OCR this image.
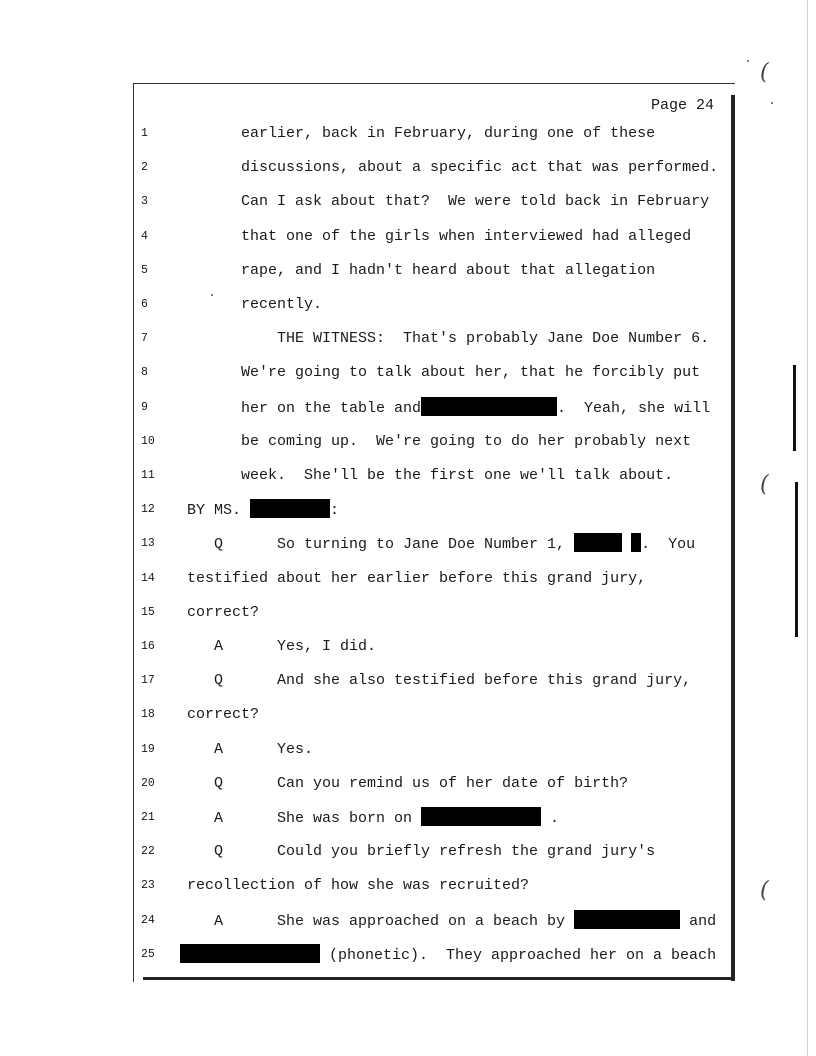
(
(
(
Page 24
1	earlier, back in February, during one of these
2	discussions, about a specific act that was performed.
3	Can I ask about that?  We were told back in February
4	that one of the girls when interviewed had alleged
5	rape, and I hadn't heard about that allegation
6	recently.
7	THE WITNESS:  That's probably Jane Doe Number 6.
8	We're going to talk about her, that he forcibly put
9	her on the table and	.  Yeah, she will
10	be coming up.  We're going to do her probably next
11	week.  She'll be the first one we'll talk about.
12	BY MS.	:
13	Q      So turning to Jane Doe Number 1,	.  You
14	testified about her earlier before this grand jury,
15	correct?
16	A      Yes, I did.
17	Q      And she also testified before this grand jury,
18	correct?
19	A      Yes.
20	Q      Can you remind us of her date of birth?
21	A      She was born on	.
22	Q      Could you briefly refresh the grand jury's
23	recollection of how she was recruited?
24	A      She was approached on a beach by	and
25	(phonetic).  They approached her on a beach
